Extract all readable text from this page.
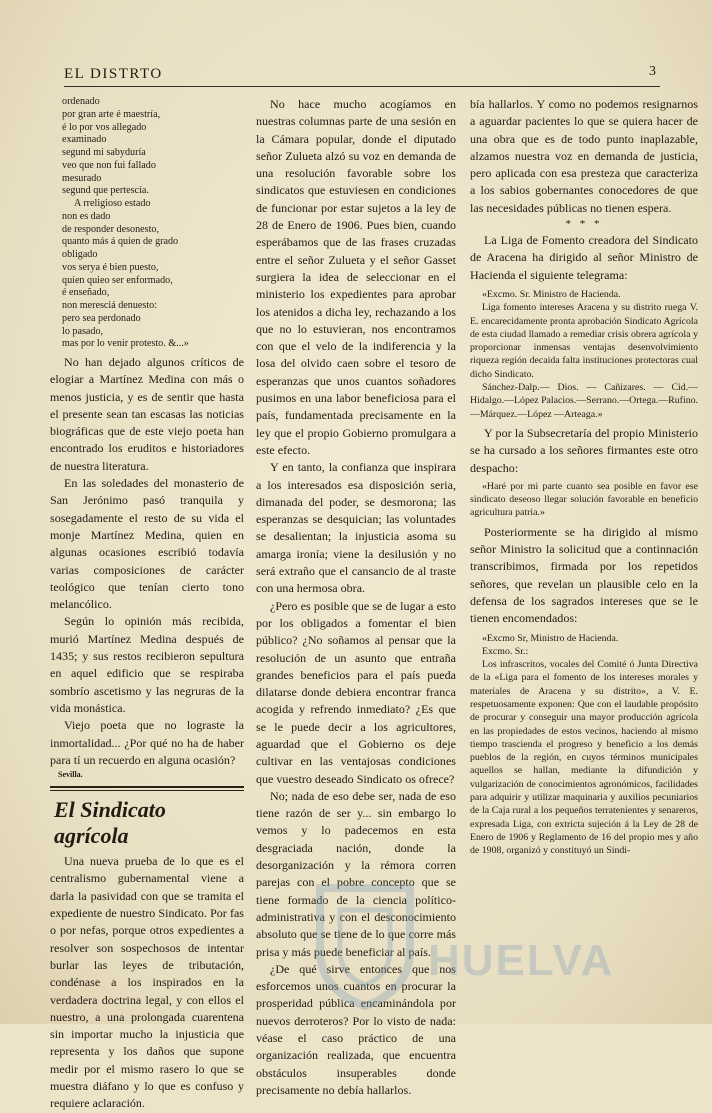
EL DISTRTO	3
ordenado
por gran arte é maestría,
é lo por vos allegado
examinado
segund mi sabyduría
veo que non fui fallado
mesurado
segund que pertescía.
A rreligioso estado
non es dado
de responder desonesto,
quanto más á quien de grado
obligado
vos serya é bien puesto,
quien quieo ser enformado,
é enseñado,
non meresciá denuesto:
pero sea perdonado
lo pasado,
mas por lo venir protesto. &...»

No han dejado algunos críticos de elogiar a Martínez Medina con más o menos justicia, y es de sentir que hasta el presente sean tan escasas las noticias biográficas que de este viejo poeta han encontrado los eruditos e historiadores de nuestra literatura.

En las soledades del monasterio de San Jerónimo pasó tranquila y sosegadamente el resto de su vida el monje Martínez Medina, quien en algunas ocasiones escribió todavía varias composiciones de carácter teológico que tenían cierto tono melancólico.

Según lo opinión más recibida, murió Martínez Medina después de 1435; y sus restos recibieron sepultura en aquel edificio que se respiraba sombrío ascetismo y las negruras de la vida monástica.

Viejo poeta que no lograste la inmortalidad... ¿Por qué no ha de haber para tí un recuerdo en alguna ocasión?

Sevilla.
El Sindicato agrícola

Una nueva prueba de lo que es el centralismo gubernamental viene a darla la pasividad con que se tramita el expediente de nuestro Sindicato. Por fas o por nefas, porque otros expedientes a resolver son sospechosos de intentar burlar las leyes de tributación, condénase a los inspirados en la verdadera doctrina legal, y con ellos el nuestro, a una prolongada cuarentena sin importar mucho la injusticia que representa y los daños que supone medir por el mismo rasero lo que se muestra diáfano y lo que es confuso y requiere aclaración.

No hace mucho acogíamos en nuestras columnas parte de una sesión en la Cámara popular, donde el diputado señor Zulueta alzó su voz en demanda de una resolución favorable sobre los sindicatos que estuviesen en condiciones de funcionar por estar sujetos a la ley de 28 de Enero de 1906. Pues bien, cuando esperábamos que de las frases cruzadas entre el señor Zulueta y el señor Gasset surgiera la idea de seleccionar en el ministerio los expedientes para aprobar los atenidos a dicha ley, rechazando a los que no lo estuvieran, nos encontramos con que el velo de la indiferencia y la losa del olvido caen sobre el tesoro de esperanzas que unos cuantos soñadores pusimos en una labor beneficiosa para el país, fundamentada precisamente en la ley que el propio Gobierno promulgara a este efecto.

Y en tanto, la confianza que inspirara a los interesados esa disposición seria, dimanada del poder, se desmorona; las esperanzas se desquician; las voluntades se desalientan; la injusticia asoma su amarga ironía; viene la desilusión y no será extraño que el cansancio de al traste con una hermosa obra.

¿Pero es posible que se de lugar a esto por los obligados a fomentar el bien público? ¿No soñamos al pensar que la resolución de un asunto que entraña grandes beneficios para el país pueda dilatarse donde debiera encontrar franca acogida y refrendo inmediato? ¿Es que se le puede decir a los agricultores, aguardad que el Gobierno os deje cultivar en las ventajosas condiciones que vuestro deseado Sindicato os ofrece?

No; nada de eso debe ser, nada de eso tiene razón de ser y... sin embargo lo vemos y lo padecemos en esta desgraciada nación, donde la desorganización y la rémora corren parejas con el pobre concepto que se tiene formado de la ciencia político-administrativa y con el desconocimiento absoluto que se tiene de lo que corre más prisa y más puede beneficiar al país.

¿De qué sirve entonces que nos esforcemos unos cuantos en procurar la prosperidad pública encaminándola por nuevos derroteros? Por lo visto de nada: véase el caso práctico de una organización realizada, que encuentra obstáculos insuperables donde precisamente no debía hallarlos.

bía hallarlos. Y como no podemos resignarnos a aguardar pacientes lo que se quiera hacer de una obra que es de todo punto inaplazable, alzamos nuestra voz en demanda de justicia, pero aplicada con esa presteza que caracteriza a los sabios gobernantes conocedores de que las necesidades públicas no tienen espera.

* * *

La Liga de Fomento creadora del Sindicato de Aracena ha dirigido al señor Ministro de Hacienda el siguiente telegrama:

«Excmo. Sr. Ministro de Hacienda.

Liga fomento intereses Aracena y su distrito ruega V. E. encarecidamente pronta aprobación Sindicato Agrícola de esta ciudad llamado a remediar crisis obrera agrícola y proporcionar inmensas ventajas desenvolvimiento riqueza región decaida falta instituciones protectoras cual dicho Sindicato.

Sánchez-Dalp.— Dios. — Cañizares. — Cid.—Hidalgo.—López Palacios.—Serrano.—Ortega.—Rufino.—Márquez.—López —Arteaga.»

Y por la Subsecretaría del propio Ministerio se ha cursado a los señores firmantes este otro despacho:

«Haré por mi parte cuanto sea posible en favor ese sindicato deseoso llegar solución favorable en beneficio agricultura patria.»

Posteriormente se ha dirigido al mismo señor Ministro la solicitud que a continnación transcribimos, firmada por los repetidos señores, que revelan un plausible celo en la defensa de los sagrados intereses que se le tienen encomendados:

«Excmo Sr, Ministro de Hacienda.

Excmo. Sr.:

Los infrascritos, vocales del Comité ó Junta Directiva de la «Liga para el fomento de los intereses morales y materiales de Aracena y su distrito», a V. E. respetuosamente exponen: Que con el laudable propósito de procurar y conseguir una mayor producción agrícola en las propiedades de estos vecinos, haciendo al mismo tiempo trascienda el progreso y beneficio a los demás pueblos de la región, en cuyos términos municipales aquellos se hallan, mediante la difundición y vulgarización de conocimientos agronómicos, facilidades para adquirir y utilizar maquinaria y auxilios pecuniarios de la Caja rural a los pequeños terratenientes y senareros, expresada Liga, con extricta sujeción á la Ley de 28 de Enero de 1906 y Reglamento de 16 del propio mes y año de 1908, organizó y constituyó un Sindi-

HUELVA
